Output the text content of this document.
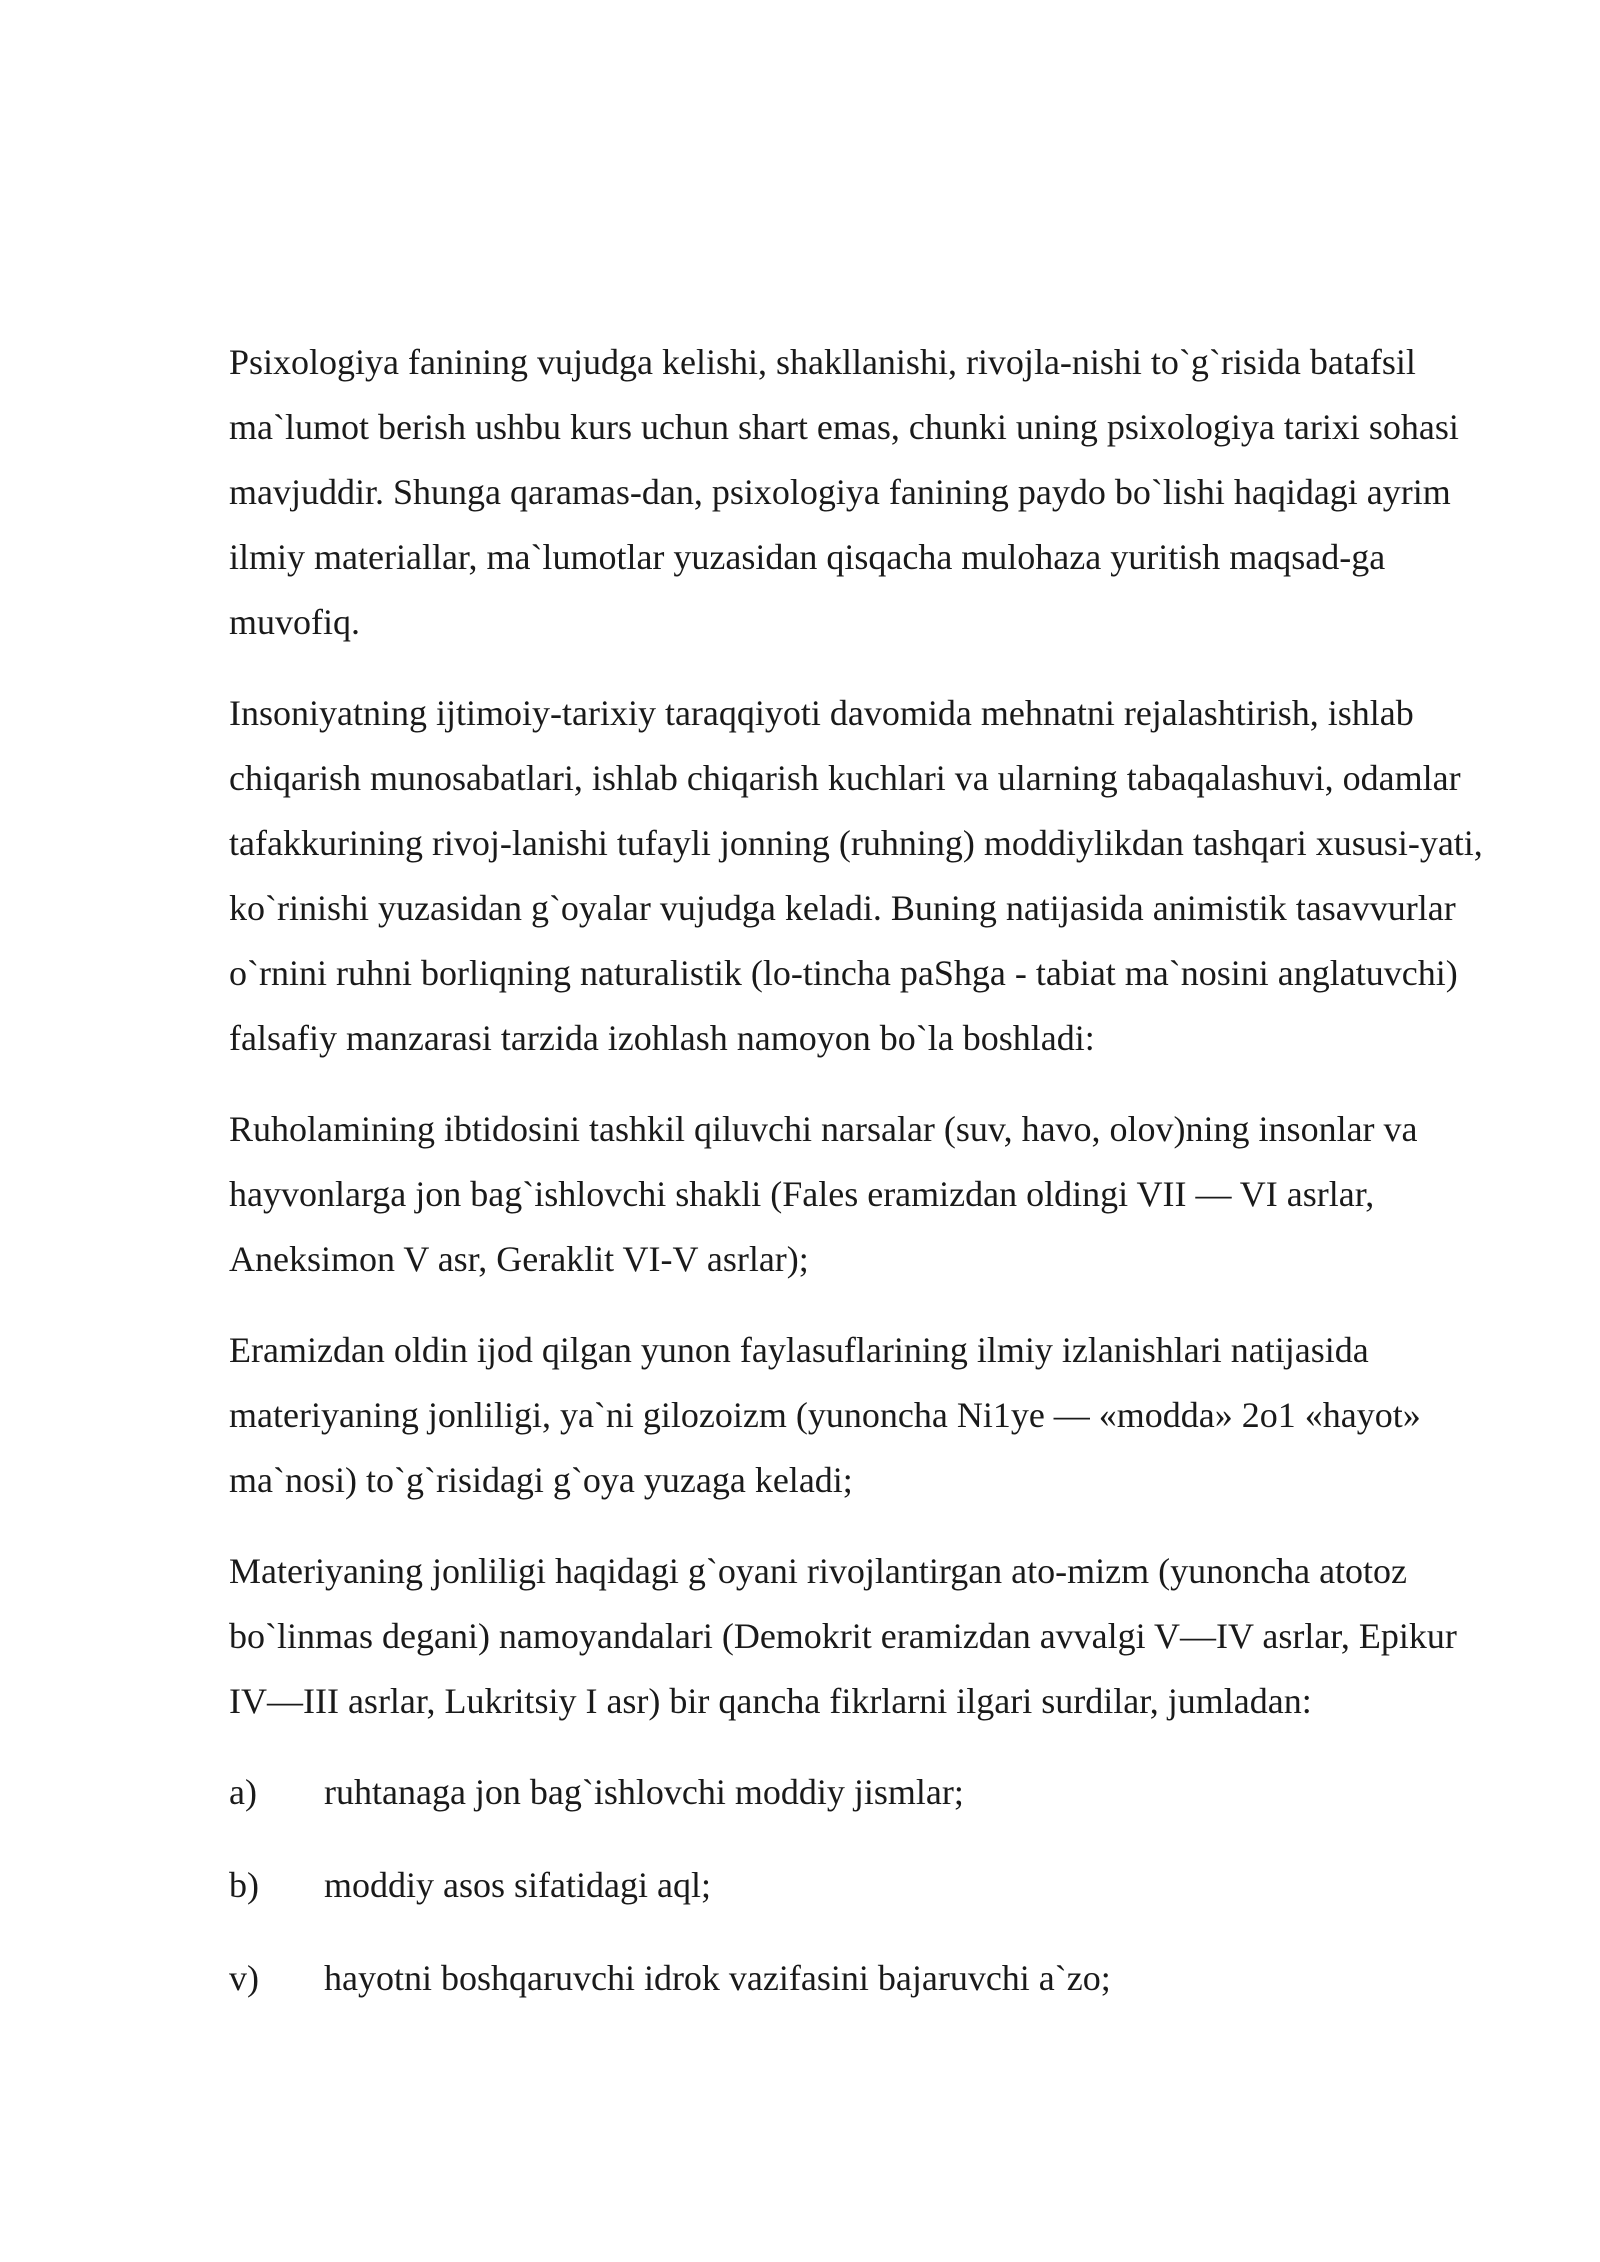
Psixologiya fanining vujudga kelishi, shakllanishi, rivojla-nishi to`g`risida batafsil ma`lumot berish ushbu kurs uchun shart emas, chunki uning psixologiya tarixi sohasi mavjuddir. Shunga qaramas-dan, psixologiya fanining paydo bo`lishi haqidagi ayrim ilmiy materiallar, ma`lumotlar yuzasidan qisqacha mulohaza yuritish maqsad-ga muvofiq.

Insoniyatning ijtimoiy-tarixiy taraqqiyoti davomida mehnatni rejalashtirish, ishlab chiqarish munosabatlari, ishlab chiqarish kuchlari va ularning tabaqalashuvi, odamlar tafakkurining rivoj-lanishi tufayli jonning (ruhning) moddiylikdan tashqari xususi-yati, ko`rinishi yuzasidan g`oyalar vujudga keladi. Buning natijasida animistik tasavvurlar o`rnini ruhni borliqning naturalistik (lo-tincha paShga - tabiat ma`nosini anglatuvchi) falsafiy manzarasi tarzida izohlash namoyon bo`la boshladi:

Ruholamining ibtidosini tashkil qiluvchi narsalar (suv, havo, olov)ning insonlar va hayvonlarga jon bag`ishlovchi shakli (Fales eramizdan oldingi VII — VI asrlar, Aneksimon V asr, Geraklit VI-V asrlar);

Eramizdan oldin ijod qilgan yunon faylasuflarining ilmiy izlanishlari natijasida materiyaning jonliligi, ya`ni gilozoizm (yunoncha Ni1ye — «modda» 2o1 «hayot» ma`nosi) to`g`risidagi g`oya yuzaga keladi;

Materiyaning jonliligi haqidagi g`oyani rivojlantirgan ato-mizm (yunoncha atotoz bo`linmas degani) namoyandalari (Demokrit eramizdan avvalgi V—IV asrlar, Epikur IV—III asrlar, Lukritsiy I asr) bir qancha fikrlarni ilgari surdilar, jumladan:

a)	ruhtanaga jon bag`ishlovchi moddiy jismlar;
b)	moddiy asos sifatidagi aql;
v)	hayotni boshqaruvchi idrok vazifasini bajaruvchi a`zo;
